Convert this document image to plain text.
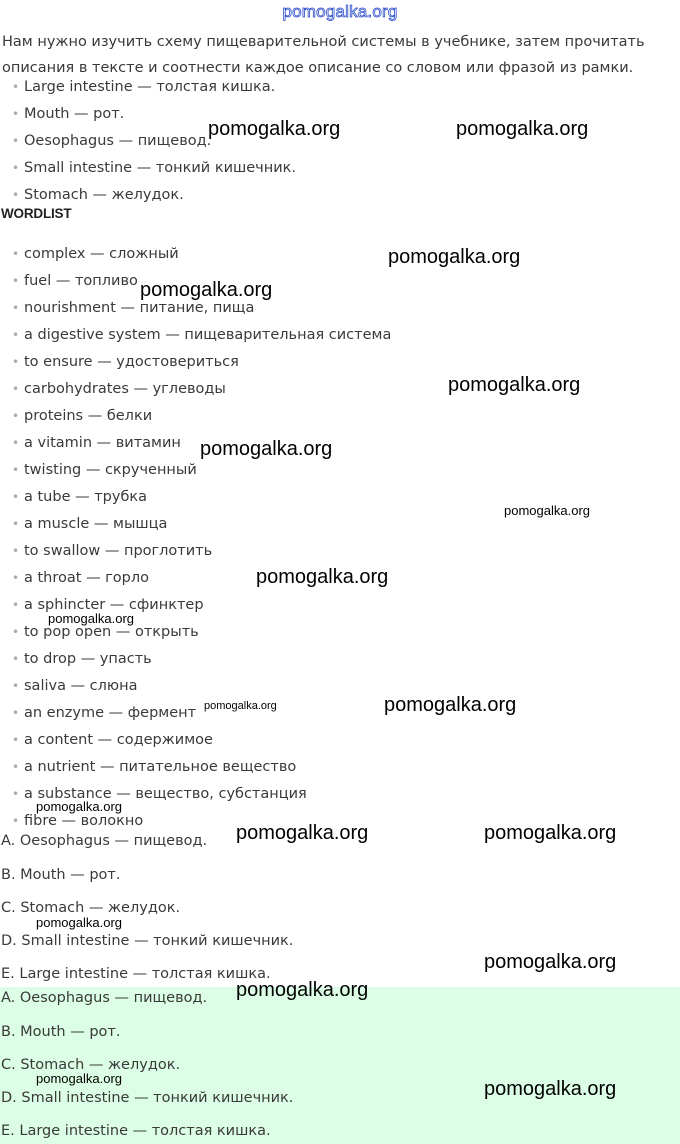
pomogalka.org
Нам нужно изучить схему пищеварительной системы в учебнике, затем прочитать описания в тексте и соотнести каждое описание со словом или фразой из рамки.
• Large intestine — толстая кишка.
• Mouth — рот.
• Oesophagus — пищевод.
• Small intestine — тонкий кишечник.
• Stomach — желудок.
WORDLIST
• complex — сложный
• fuel — топливо
• nourishment — питание, пища
• a digestive system — пищеварительная система
• to ensure — удостовериться
• carbohydrates — углеводы
• proteins — белки
• a vitamin — витамин
• twisting — скрученный
• a tube — трубка
• a muscle — мышца
• to swallow — проглотить
• a throat — горло
• a sphincter — сфинктер
• to pop open — открыть
• to drop — упасть
• saliva — слюна
• an enzyme — фермент
• a content — содержимое
• a nutrient — питательное вещество
• a substance — вещество, субстанция
• fibre — волокно
A. Oesophagus — пищевод.
B. Mouth — рот.
C. Stomach — желудок.
D. Small intestine — тонкий кишечник.
E. Large intestine — толстая кишка.
A. Oesophagus — пищевод.
B. Mouth — рот.
C. Stomach — желудок.
D. Small intestine — тонкий кишечник.
E. Large intestine — толстая кишка.
pomogalka.org	pomogalka.org
pomogalka.org
pomogalka.org
pomogalka.org
pomogalka.org
pomogalka.org
pomogalka.org
pomogalka.org
pomogalka.org	pomogalka.org
pomogalka.org
pomogalka.org	pomogalka.org
pomogalka.org
pomogalka.org
pomogalka.org
pomogalka.org	pomogalka.org
